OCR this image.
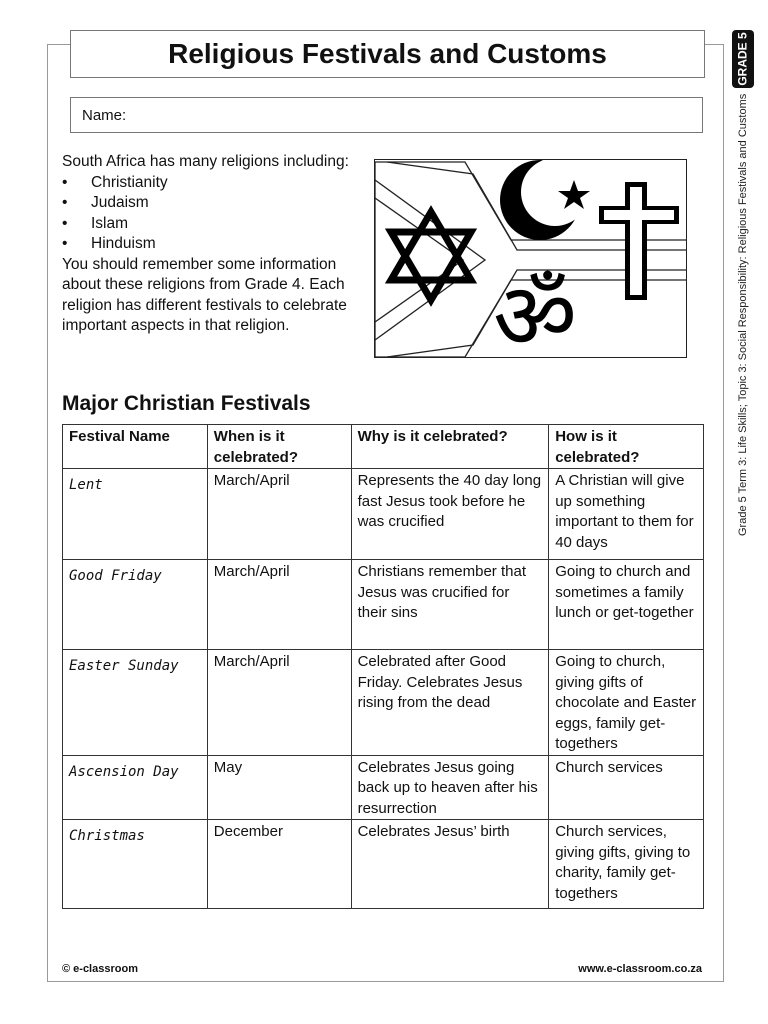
Religious Festivals and Customs
Name:
GRADE 5
Grade 5 Term 3: Life Skills; Topic 3: Social Responsibility: Religious Festivals and Customs

South Africa has many religions including:

• Christianity
• Judaism
• Islam
• Hinduism

You should remember some information about these religions from Grade 4. Each religion has different festivals to celebrate important aspects in that religion.	ॐ
Major Christian Festivals
Festival Name	When is it celebrated?	Why is it celebrated?	How is it celebrated?
Lent	March/April	Represents the 40 day long fast Jesus took before he was crucified	A Christian will give up something important to them for 40 days
Good Friday	March/April	Christians remember that Jesus was crucified for their sins	Going to church and sometimes a family lunch or get-together
Easter Sunday	March/April	Celebrated after Good Friday. Celebrates Jesus rising from the dead	Going to church, giving gifts of chocolate and Easter eggs, family get-togethers
Ascension Day	May	Celebrates Jesus going back up to heaven after his resurrection	Church services
Christmas	December	Celebrates Jesus’ birth	Church services, giving gifts, giving to charity, family get-togethers
© e-classroom	www.e-classroom.co.za
